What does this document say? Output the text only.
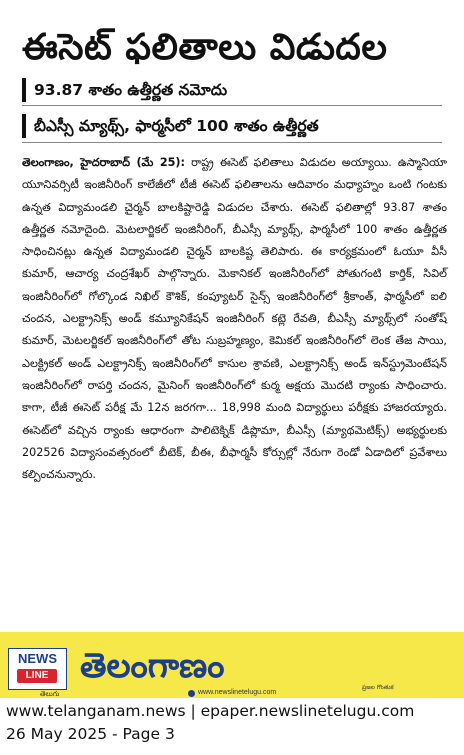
ఈసెట్ ఫలితాలు విడుదల
93.87 శాతం ఉత్తీర్ణత నమోదు
బీఎస్సీ మ్యాథ్స్, ఫార్మసీలో 100 శాతం ఉత్తీర్ణత
తెలంగాణం, హైదరాబాద్ (మే 25): రాష్ట్ర ఈసెట్ ఫలితాలు విడుదల అయ్యాయి. ఉస్మానియా యూనివర్సిటీ ఇంజినీరింగ్ కాలేజీలో టీజీ ఈసెట్ ఫలితాలను ఆదివారం మధ్యాహ్నం ఒంటి గంటకు ఉన్నత విద్యామండలి చైర్మన్ బాలకిష్టారెడ్డి విడుదల చేశారు. ఈసెట్ ఫలితాల్లో 93.87 శాతం ఉత్తీర్ణత నమోదైంది. మెటలార్జికల్ ఇంజినీరింగ్, బీఎస్సీ మ్యాథ్స్, ఫార్మసీలో 100 శాతం ఉత్తీర్ణత సాధించినట్లు ఉన్నత విద్యామండలి చైర్మన్ బాలకిష్ట తెలిపారు. ఈ కార్యక్రమంలో ఓయూ వీసీ కుమార్, ఆచార్య చంద్రశేఖర్ పాల్గొన్నారు. మెకానికల్ ఇంజినీరింగ్‌లో పోతుగంటి కార్తిక్, సివిల్ ఇంజినీరింగ్‌లో గోల్కొండ నిఖిల్ కౌశిక్, కంప్యూటర్ సైన్స్ ఇంజినీరింగ్‌లో శ్రీకాంత్, ఫార్మసీలో ఐలి చందన, ఎలక్ట్రానిక్స్ అండ్ కమ్యూనికేషన్ ఇంజినీరింగ్ కట్లె రేవతి, బీఎస్సీ మ్యాథ్స్‌లో సంతోష్ కుమార్, మెటలర్జికల్ ఇంజినీరింగ్‌లో తోట సుబ్రహ్మణ్యం, కెమికల్ ఇంజినీరింగ్‌లో లెంక తేజ సాయి, ఎలక్ట్రికల్ అండ్ ఎలక్ట్రానిక్స్ ఇంజినీరింగ్‌లో కాసుల శ్రావణి, ఎలక్ట్రానిక్స్ అండ్ ఇన్‌స్ట్రుమెంటేషన్ ఇంజినీరింగ్‌లో రాపర్తి చందన, మైనింగ్ ఇంజినీరింగ్‌లో కుర్మ అక్షయ మొదటి ర్యాంకు సాధించారు. కాగా, టీజీ ఈసెట్ పరీక్ష మే 12న జరగగా... 18,998 మంది విద్యార్థులు పరీక్షకు హాజరయ్యారు. ఈసెట్‌లో వచ్చిన ర్యాంకు ఆధారంగా పాలిటెక్నిక్ డిప్లొమా, బీఎస్సీ (మ్యాథమెటిక్స్) అభ్యర్థులకు 202526 విద్యాసంవత్సరంలో బీటెక్, బీఈ, బీఫార్మసీ కోర్సుల్లో నేరుగా రెండో ఏడాదిలో ప్రవేశాలు కల్పించనున్నారు.
NEWS
LINE
తెలుగు
తెలంగాణం
ప్రజల గొంతుక
www.newslinetelugu.com
www.telanganam.news | epaper.newslinetelugu.com
26 May 2025 - Page 3
